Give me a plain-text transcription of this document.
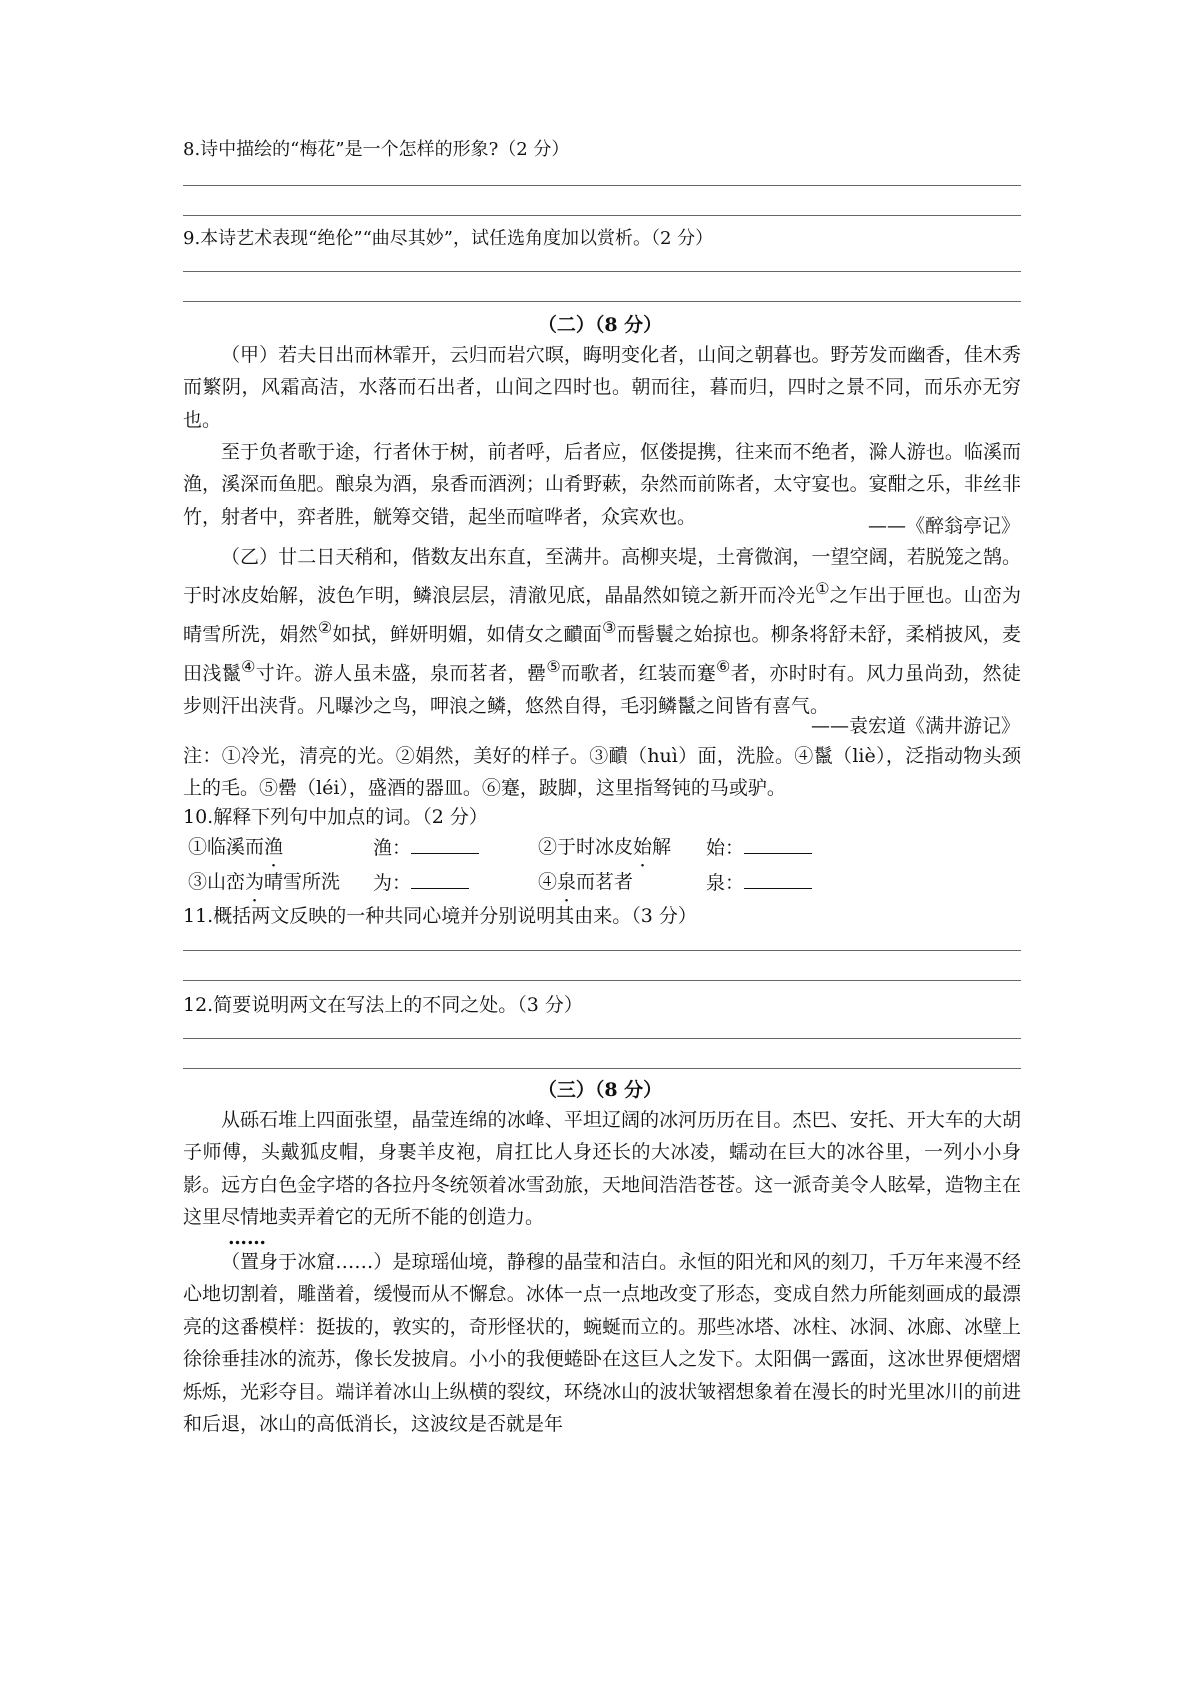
8.诗中描绘的“梅花”是一个怎样的形象?（2 分）
9.本诗艺术表现“绝伦”“曲尽其妙”，试任选角度加以赏析。（2 分）
（二）（8 分）

（甲）若夫日出而林霏开，云归而岩穴暝，晦明变化者，山间之朝暮也。野芳发而幽香，佳木秀而繁阴，风霜高洁，水落而石出者，山间之四时也。朝而往，暮而归，四时之景不同，而乐亦无穷也。

至于负者歌于途，行者休于树，前者呼，后者应，伛偻提携，往来而不绝者，滁人游也。临溪而渔，溪深而鱼肥。酿泉为酒，泉香而酒洌；山肴野蔌，杂然而前陈者，太守宴也。宴酣之乐，非丝非竹，射者中，弈者胜，觥筹交错，起坐而喧哗者，众宾欢也。	——《醉翁亭记》

（乙）廿二日天稍和，偕数友出东直，至满井。高柳夹堤，土膏微润，一望空阔，若脱笼之鹄。于时冰皮始解，波色乍明，鳞浪层层，清澈见底，晶晶然如镜之新开而冷光①之乍出于匣也。山峦为晴雪所洗，娟然②如拭，鲜妍明媚，如倩女之靧面③而髻鬟之始掠也。柳条将舒未舒，柔梢披风，麦田浅鬣④寸许。游人虽未盛，泉而茗者，罍⑤而歌者，红装而蹇⑥者，亦时时有。风力虽尚劲，然徒步则汗出浃背。凡曝沙之鸟，呷浪之鳞，悠然自得，毛羽鳞鬣之间皆有喜气。

——袁宏道《满井游记》

注：①冷光，清亮的光。②娟然，美好的样子。③靧（huì）面，洗脸。④鬣（liè），泛指动物头颈上的毛。⑤罍（léi），盛酒的器皿。⑥蹇，跛脚，这里指驽钝的马或驴。

10.解释下列句中加点的词。（2 分）
①临溪而渔	渔：	②于时冰皮始解 始：
③山峦为晴雪所洗 为：	④泉而茗者	泉：
11.概括两文反映的一种共同心境并分别说明其由来。（3 分）
12.简要说明两文在写法上的不同之处。（3 分）
（三）（8 分）

从砾石堆上四面张望，晶莹连绵的冰峰、平坦辽阔的冰河历历在目。杰巴、安托、开大车的大胡子师傅，头戴狐皮帽，身裹羊皮袍，肩扛比人身还长的大冰凌，蠕动在巨大的冰谷里，一列小小身影。远方白色金字塔的各拉丹冬统领着冰雪劲旅，天地间浩浩苍苍。这一派奇美令人眩晕，造物主在这里尽情地卖弄着它的无所不能的创造力。

……

（置身于冰窟……）是琼瑶仙境，静穆的晶莹和洁白。永恒的阳光和风的刻刀，千万年来漫不经心地切割着，雕凿着，缓慢而从不懈怠。冰体一点一点地改变了形态，变成自然力所能刻画成的最漂亮的这番模样：挺拔的，敦实的，奇形怪状的，蜿蜒而立的。那些冰塔、冰柱、冰洞、冰廊、冰壁上徐徐垂挂冰的流苏，像长发披肩。小小的我便蜷卧在这巨人之发下。太阳偶一露面，这冰世界便熠熠烁烁，光彩夺目。端详着冰山上纵横的裂纹，环绕冰山的波状皱褶想象着在漫长的时光里冰川的前进和后退，冰山的高低消长，这波纹是否就是年
